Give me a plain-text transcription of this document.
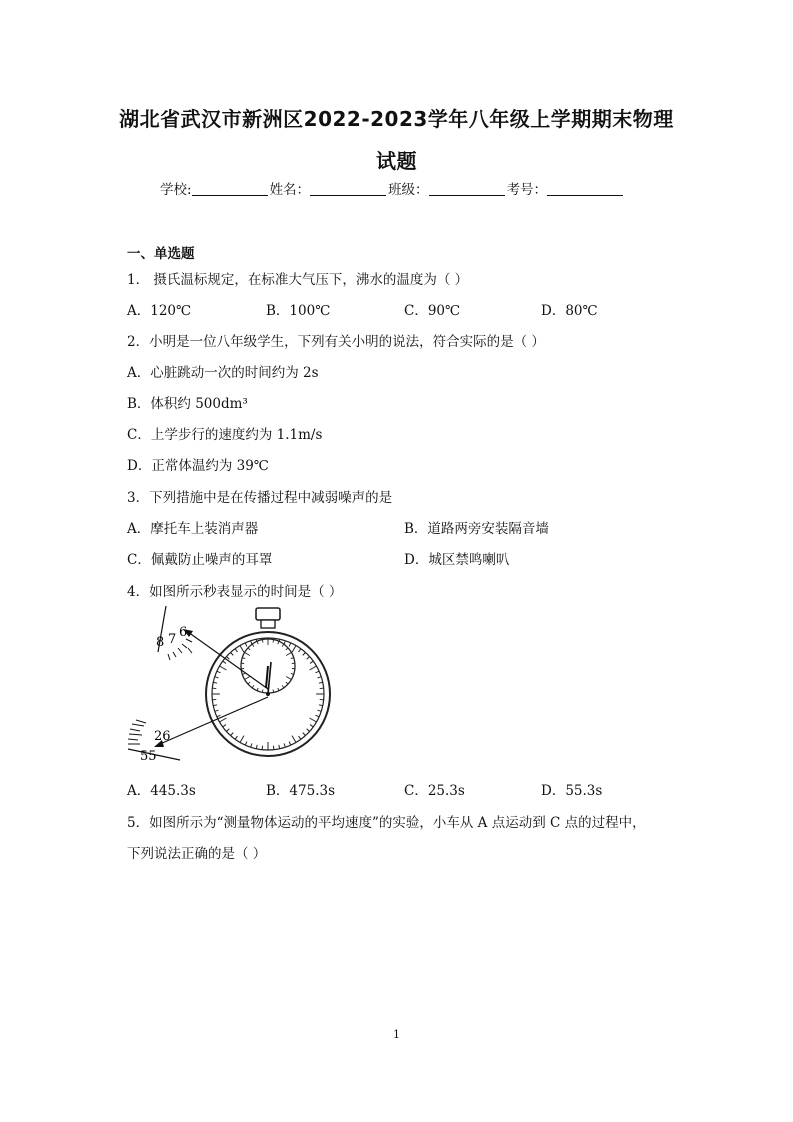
湖北省武汉市新洲区2022-2023学年八年级上学期期末物理
试题
学校:	姓名：	班级：	考号：
一、单选题
1． 摄氏温标规定，在标准大气压下，沸水的温度为（ ）
A．120℃	B．100℃	C．90℃	D．80℃
2．小明是一位八年级学生，下列有关小明的说法，符合实际的是（ ）
A．心脏跳动一次的时间约为 2s
B．体积约 500dm³
C．上学步行的速度约为 1.1m/s
D．正常体温约为 39℃
3．下列措施中是在传播过程中减弱噪声的是
A．摩托车上装消声器	B．道路两旁安装隔音墙
C．佩戴防止噪声的耳罩	D．城区禁鸣喇叭
4．如图所示秒表显示的时间是（ ）
8 7 6
26
55
A．445.3s	B．475.3s	C．25.3s	D．55.3s
5．如图所示为“测量物体运动的平均速度”的实验，小车从 A 点运动到 C 点的过程中，
下列说法正确的是（ ）
1
